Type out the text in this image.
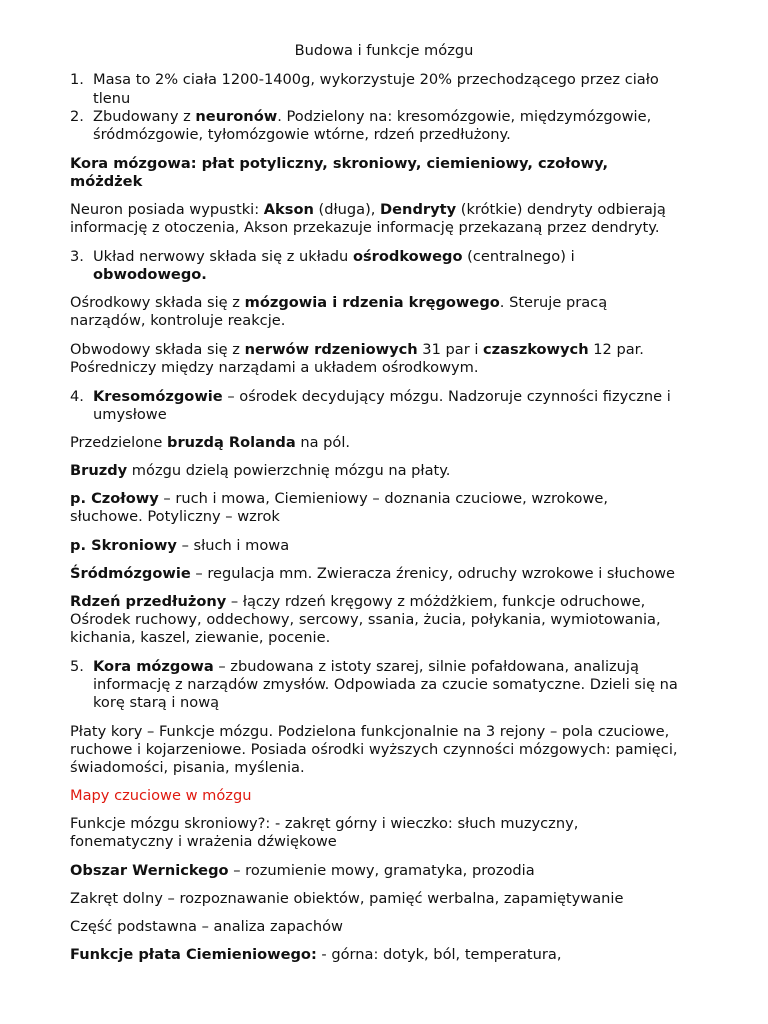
Budowa i funkcje mózgu
1. Masa to 2% ciała 1200-1400g, wykorzystuje 20% przechodzącego przez ciało
tlenu
2. Zbudowany z neuronów. Podzielony na: kresomózgowie, międzymózgowie,
śródmózgowie, tyłomózgowie wtórne, rdzeń przedłużony.
Kora mózgowa: płat potyliczny, skroniowy, ciemieniowy, czołowy,
móżdżek
Neuron posiada wypustki: Akson (długa), Dendryty (krótkie) dendryty odbierają
informację z otoczenia, Akson przekazuje informację przekazaną przez dendryty.
3. Układ nerwowy składa się z układu ośrodkowego (centralnego) i
obwodowego.
Ośrodkowy składa się z mózgowia i rdzenia kręgowego. Steruje pracą
narządów, kontroluje reakcje.
Obwodowy składa się z nerwów rdzeniowych 31 par i czaszkowych 12 par.
Pośredniczy między narządami a układem ośrodkowym.
4. Kresomózgowie – ośrodek decydujący mózgu. Nadzoruje czynności fizyczne i
umysłowe
Przedzielone bruzdą Rolanda na pól.
Bruzdy mózgu dzielą powierzchnię mózgu na płaty.
p. Czołowy – ruch i mowa, Ciemieniowy – doznania czuciowe, wzrokowe,
słuchowe. Potyliczny – wzrok
p. Skroniowy – słuch i mowa
Śródmózgowie – regulacja mm. Zwieracza źrenicy, odruchy wzrokowe i słuchowe
Rdzeń przedłużony – łączy rdzeń kręgowy z móżdżkiem, funkcje odruchowe,
Ośrodek ruchowy, oddechowy, sercowy, ssania, żucia, połykania, wymiotowania,
kichania, kaszel, ziewanie, pocenie.
5. Kora mózgowa – zbudowana z istoty szarej, silnie pofałdowana, analizują
informację z narządów zmysłów. Odpowiada za czucie somatyczne. Dzieli się na
korę starą i nową
Płaty kory – Funkcje mózgu. Podzielona funkcjonalnie na 3 rejony – pola czuciowe,
ruchowe i kojarzeniowe. Posiada ośrodki wyższych czynności mózgowych: pamięci,
świadomości, pisania, myślenia.
Mapy czuciowe w mózgu
Funkcje mózgu skroniowy?: - zakręt górny i wieczko: słuch muzyczny,
fonematyczny i wrażenia dźwiękowe
Obszar Wernickego – rozumienie mowy, gramatyka, prozodia
Zakręt dolny – rozpoznawanie obiektów, pamięć werbalna, zapamiętywanie
Część podstawna – analiza zapachów
Funkcje płata Ciemieniowego: - górna: dotyk, ból, temperatura,
